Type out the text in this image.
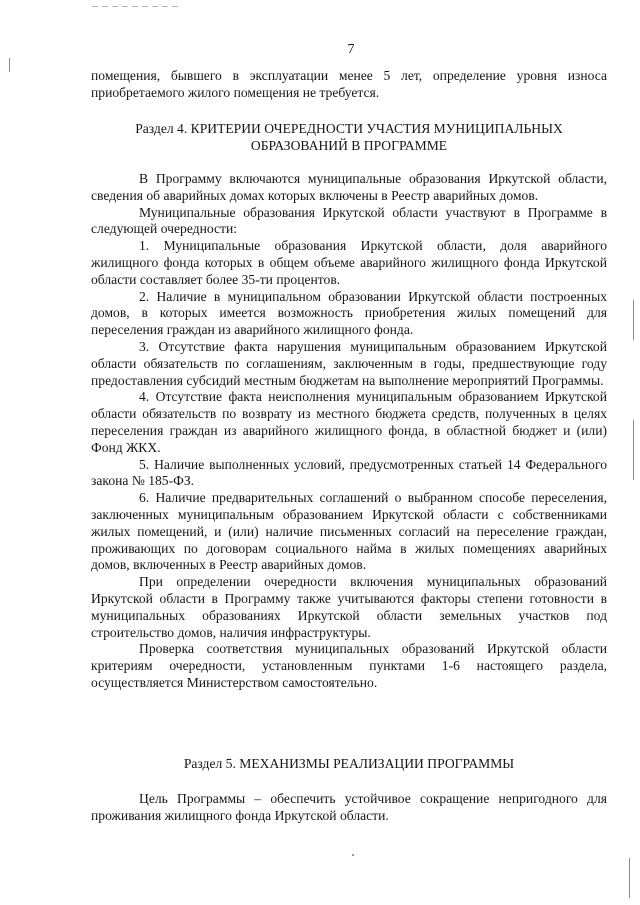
7

помещения, бывшего в эксплуатации менее 5 лет, определение уровня износа приобретаемого жилого помещения не требуется.

Раздел 4. КРИТЕРИИ ОЧЕРЕДНОСТИ УЧАСТИЯ МУНИЦИПАЛЬНЫХ

ОБРАЗОВАНИЙ В ПРОГРАММЕ

В Программу включаются муниципальные образования Иркутской области, сведения об аварийных домах которых включены в Реестр аварийных домов.

Муниципальные образования Иркутской области участвуют в Программе в следующей очередности:

1. Муниципальные образования Иркутской области, доля аварийного жилищного фонда которых в общем объеме аварийного жилищного фонда Иркутской области составляет более 35-ти процентов.

2. Наличие в муниципальном образовании Иркутской области построенных домов, в которых имеется возможность приобретения жилых помещений для переселения граждан из аварийного жилищного фонда.

3. Отсутствие факта нарушения муниципальным образованием Иркутской области обязательств по соглашениям, заключенным в годы, предшествующие году предоставления субсидий местным бюджетам на выполнение мероприятий Программы.

4. Отсутствие факта неисполнения муниципальным образованием Иркутской области обязательств по возврату из местного бюджета средств, полученных в целях переселения граждан из аварийного жилищного фонда, в областной бюджет и (или) Фонд ЖКХ.

5. Наличие выполненных условий, предусмотренных статьей 14 Федерального закона № 185-ФЗ.

6. Наличие предварительных соглашений о выбранном способе переселения, заключенных муниципальным образованием Иркутской области с собственниками жилых помещений, и (или) наличие письменных согласий на переселение граждан, проживающих по договорам социального найма в жилых помещениях аварийных домов, включенных в Реестр аварийных домов.

При определении очередности включения муниципальных образований Иркутской области в Программу также учитываются факторы степени готовности в муниципальных образованиях Иркутской области земельных участков под строительство домов, наличия инфраструктуры.

Проверка соответствия муниципальных образований Иркутской области критериям очередности, установленным пунктами 1-6 настоящего раздела, осуществляется Министерством самостоятельно.

Раздел 5. МЕХАНИЗМЫ РЕАЛИЗАЦИИ ПРОГРАММЫ

Цель Программы – обеспечить устойчивое сокращение непригодного для проживания жилищного фонда Иркутской области.
